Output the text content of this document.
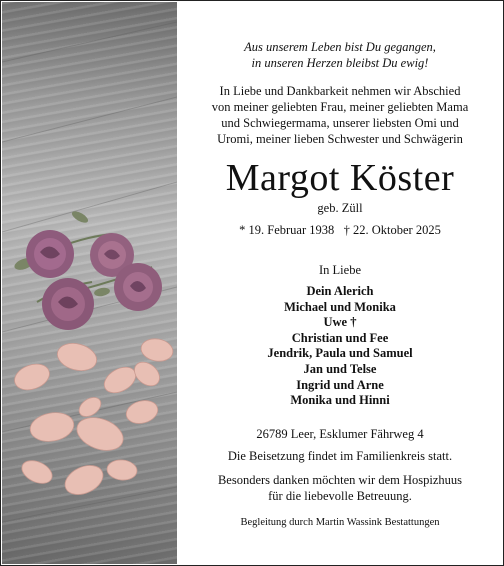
Aus unserem Leben bist Du gegangen,
in unseren Herzen bleibst Du ewig!
In Liebe und Dankbarkeit nehmen wir Abschied
von meiner geliebten Frau, meiner geliebten Mama
und Schwiegermama, unserer liebsten Omi und
Uromi, meiner lieben Schwester und Schwägerin
Margot Köster
geb. Züll
* 19. Februar 1938   † 22. Oktober 2025
In Liebe
Dein Alerich
Michael und Monika
Uwe †
Christian und Fee
Jendrik, Paula und Samuel
Jan und Telse
Ingrid und Arne
Monika und Hinni
26789 Leer, Esklumer Fährweg 4
Die Beisetzung findet im Familienkreis statt.
Besonders danken möchten wir dem Hospizhuus
für die liebevolle Betreuung.
Begleitung durch Martin Wassink Bestattungen
